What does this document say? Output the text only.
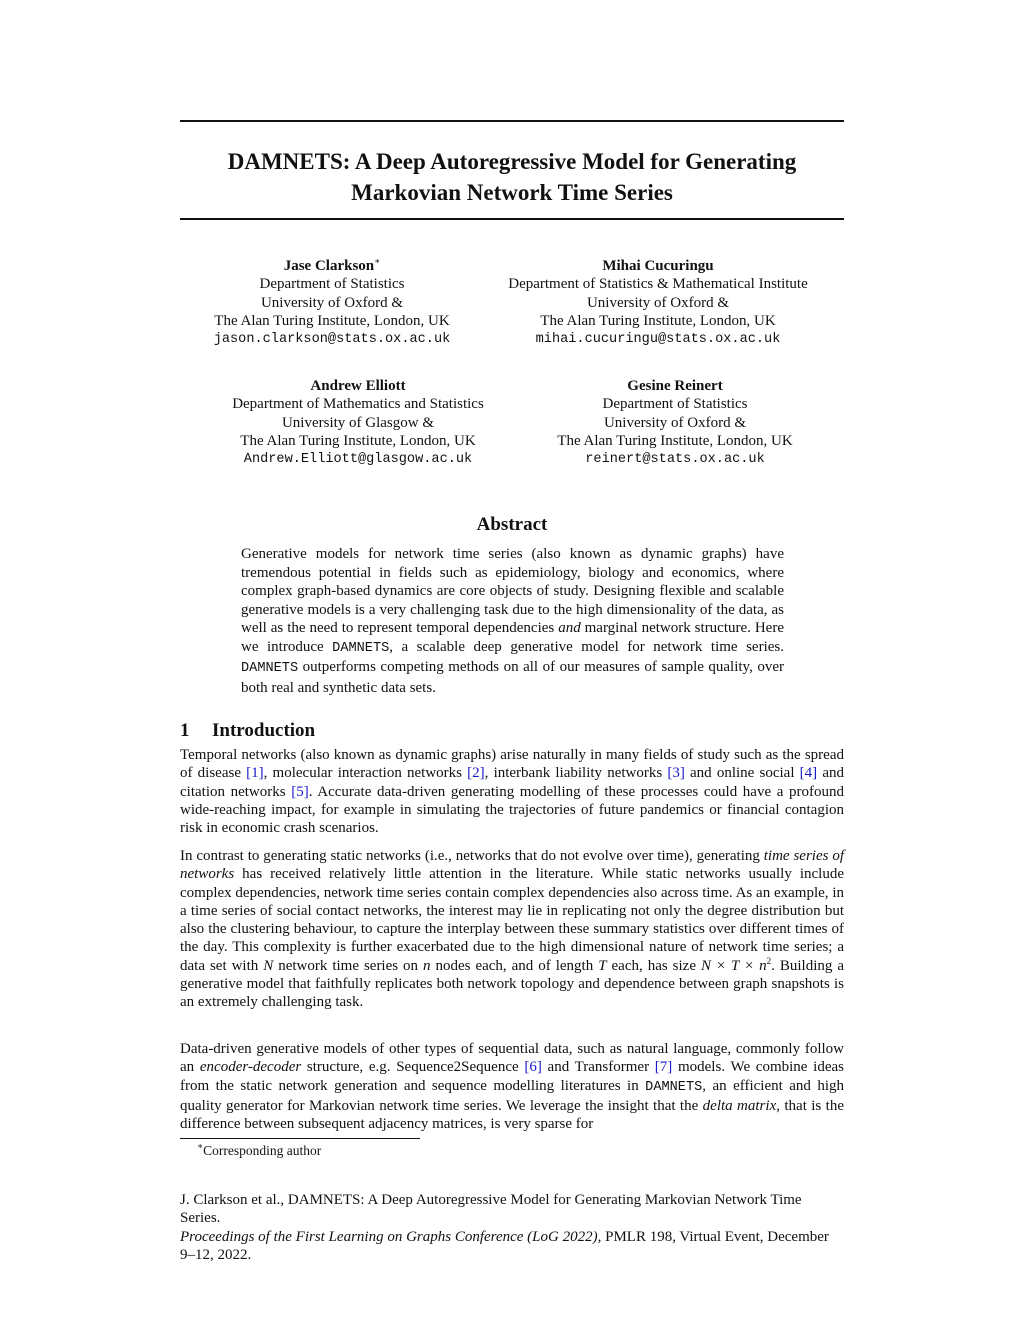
DAMNETS: A Deep Autoregressive Model for Generating
Markovian Network Time Series
Jase Clarkson∗
Department of Statistics
University of Oxford &
The Alan Turing Institute, London, UK
jason.clarkson@stats.ox.ac.uk
Mihai Cucuringu
Department of Statistics & Mathematical Institute
University of Oxford &
The Alan Turing Institute, London, UK
mihai.cucuringu@stats.ox.ac.uk
Andrew Elliott
Department of Mathematics and Statistics
University of Glasgow &
The Alan Turing Institute, London, UK
Andrew.Elliott@glasgow.ac.uk
Gesine Reinert
Department of Statistics
University of Oxford &
The Alan Turing Institute, London, UK
reinert@stats.ox.ac.uk
Abstract
Generative models for network time series (also known as dynamic graphs) have tremendous potential in fields such as epidemiology, biology and economics, where complex graph-based dynamics are core objects of study. Designing flexible and scalable generative models is a very challenging task due to the high dimensionality of the data, as well as the need to represent temporal dependencies and marginal network structure. Here we introduce DAMNETS, a scalable deep generative model for network time series. DAMNETS outperforms competing methods on all of our measures of sample quality, over both real and synthetic data sets.
1 Introduction
Temporal networks (also known as dynamic graphs) arise naturally in many fields of study such as the spread of disease [1], molecular interaction networks [2], interbank liability networks [3] and online social [4] and citation networks [5]. Accurate data-driven generating modelling of these processes could have a profound wide-reaching impact, for example in simulating the trajectories of future pandemics or financial contagion risk in economic crash scenarios.
In contrast to generating static networks (i.e., networks that do not evolve over time), generating time series of networks has received relatively little attention in the literature. While static networks usually include complex dependencies, network time series contain complex dependencies also across time. As an example, in a time series of social contact networks, the interest may lie in replicating not only the degree distribution but also the clustering behaviour, to capture the interplay between these summary statistics over different times of the day. This complexity is further exacerbated due to the high dimensional nature of network time series; a data set with N network time series on n nodes each, and of length T each, has size $N \times T \times n^2$. Building a generative model that faithfully replicates both network topology and dependence between graph snapshots is an extremely challenging task.
Data-driven generative models of other types of sequential data, such as natural language, commonly follow an encoder-decoder structure, e.g. Sequence2Sequence [6] and Transformer [7] models. We combine ideas from the static network generation and sequence modelling literatures in DAMNETS, an efficient and high quality generator for Markovian network time series. We leverage the insight that the delta matrix, that is the difference between subsequent adjacency matrices, is very sparse for
∗Corresponding author
J. Clarkson et al., DAMNETS: A Deep Autoregressive Model for Generating Markovian Network Time Series.
Proceedings of the First Learning on Graphs Conference (LoG 2022), PMLR 198, Virtual Event, December 9–12, 2022.
